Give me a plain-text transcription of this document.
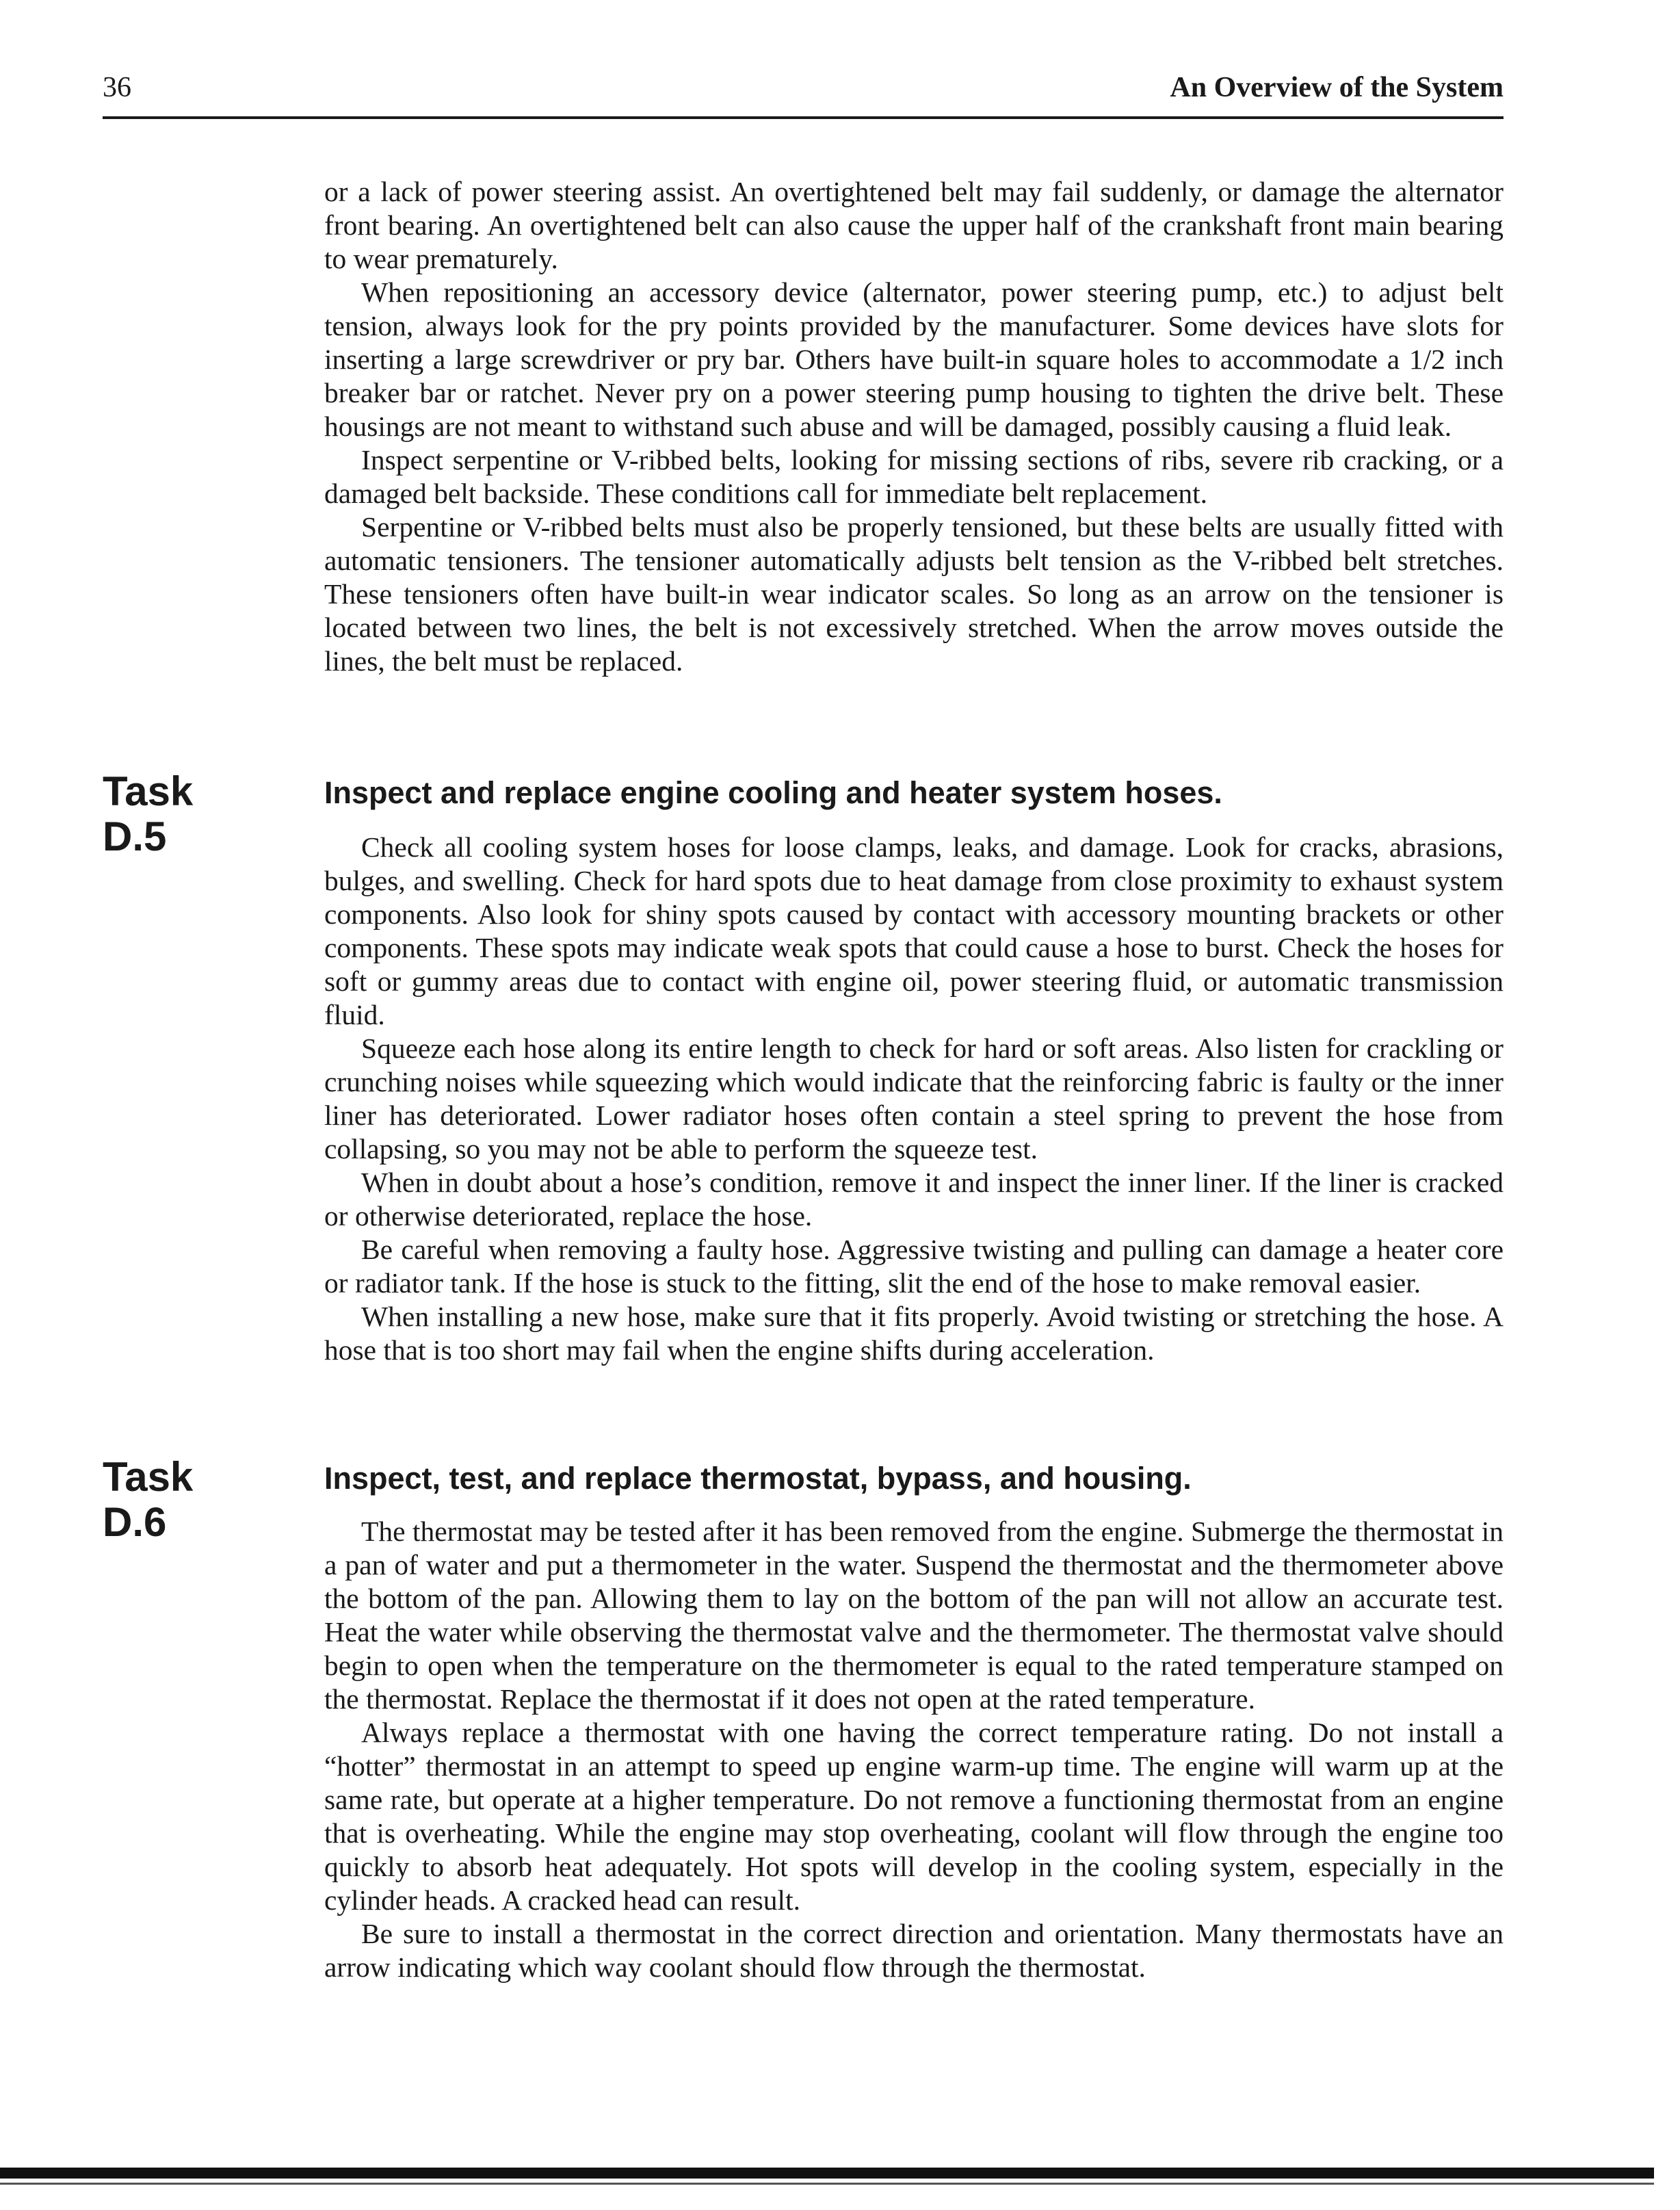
36	An Overview of the System

or a lack of power steering assist. An overtightened belt may fail suddenly, or damage the alternator front bearing. An overtightened belt can also cause the upper half of the crankshaft front main bearing to wear prematurely.

When repositioning an accessory device (alternator, power steering pump, etc.) to adjust belt tension, always look for the pry points provided by the manufacturer. Some devices have slots for inserting a large screwdriver or pry bar. Others have built-in square holes to accommodate a 1/2 inch breaker bar or ratchet. Never pry on a power steering pump housing to tighten the drive belt. These housings are not meant to withstand such abuse and will be damaged, possibly causing a fluid leak.

Inspect serpentine or V-ribbed belts, looking for missing sections of ribs, severe rib cracking, or a damaged belt backside. These conditions call for immediate belt replacement.

Serpentine or V-ribbed belts must also be properly tensioned, but these belts are usually fitted with automatic tensioners. The tensioner automatically adjusts belt tension as the V-ribbed belt stretches. These tensioners often have built-in wear indicator scales. So long as an arrow on the tensioner is located between two lines, the belt is not excessively stretched. When the arrow moves outside the lines, the belt must be replaced.

Task
D.5
Inspect and replace engine cooling and heater system hoses.

Check all cooling system hoses for loose clamps, leaks, and damage. Look for cracks, abrasions, bulges, and swelling. Check for hard spots due to heat damage from close proximity to exhaust system components. Also look for shiny spots caused by contact with accessory mounting brackets or other components. These spots may indicate weak spots that could cause a hose to burst. Check the hoses for soft or gummy areas due to contact with engine oil, power steering fluid, or automatic transmission fluid.

Squeeze each hose along its entire length to check for hard or soft areas. Also listen for crackling or crunching noises while squeezing which would indicate that the reinforcing fabric is faulty or the inner liner has deteriorated. Lower radiator hoses often contain a steel spring to prevent the hose from collapsing, so you may not be able to perform the squeeze test.

When in doubt about a hose’s condition, remove it and inspect the inner liner. If the liner is cracked or otherwise deteriorated, replace the hose.

Be careful when removing a faulty hose. Aggressive twisting and pulling can damage a heater core or radiator tank. If the hose is stuck to the fitting, slit the end of the hose to make removal easier.

When installing a new hose, make sure that it fits properly. Avoid twisting or stretching the hose. A hose that is too short may fail when the engine shifts during acceleration.

Task
D.6
Inspect, test, and replace thermostat, bypass, and housing.

The thermostat may be tested after it has been removed from the engine. Submerge the thermostat in a pan of water and put a thermometer in the water. Suspend the thermostat and the thermometer above the bottom of the pan. Allowing them to lay on the bottom of the pan will not allow an accurate test. Heat the water while observing the thermostat valve and the thermometer. The thermostat valve should begin to open when the temperature on the thermometer is equal to the rated temperature stamped on the thermostat. Replace the thermostat if it does not open at the rated temperature.

Always replace a thermostat with one having the correct temperature rating. Do not install a “hotter” thermostat in an attempt to speed up engine warm-up time. The engine will warm up at the same rate, but operate at a higher temperature. Do not remove a functioning thermostat from an engine that is overheating. While the engine may stop overheating, coolant will flow through the engine too quickly to absorb heat adequately. Hot spots will develop in the cooling system, especially in the cylinder heads. A cracked head can result.

Be sure to install a thermostat in the correct direction and orientation. Many thermostats have an arrow indicating which way coolant should flow through the thermostat.
